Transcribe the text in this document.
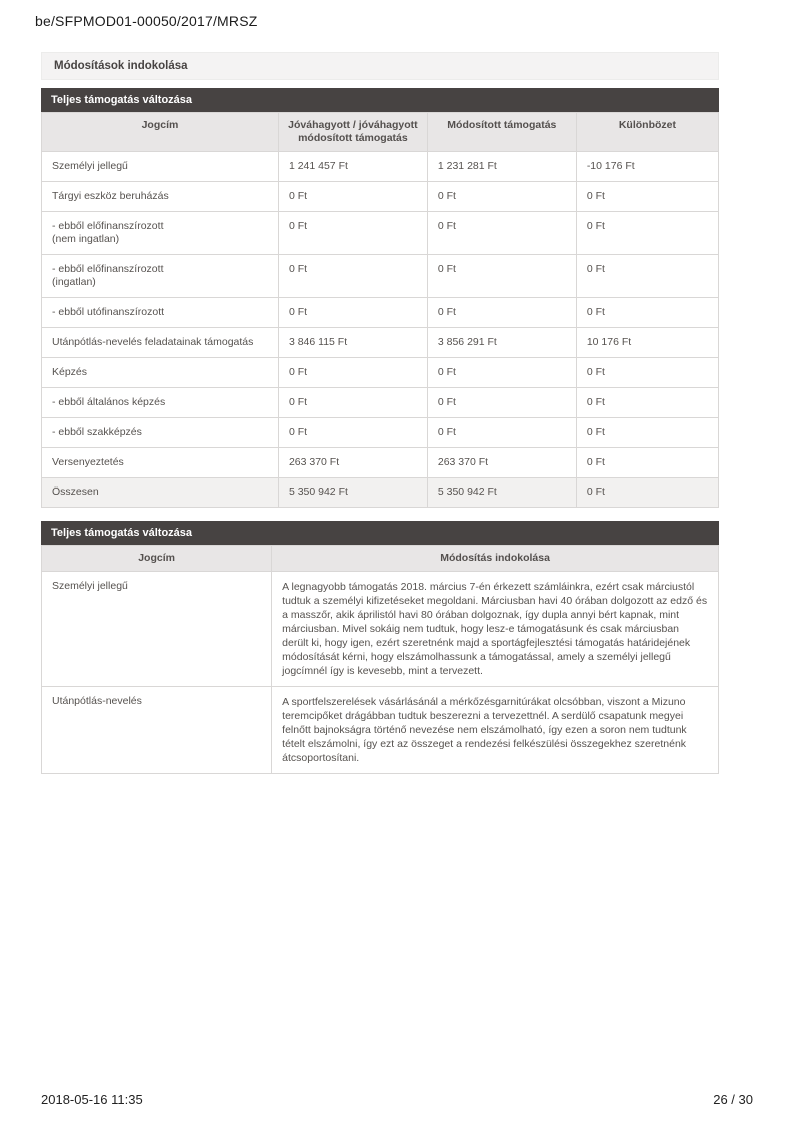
be/SFPMOD01-00050/2017/MRSZ
Módosítások indokolása
Teljes támogatás változása
Jogcím	Jóváhagyott / jóváhagyott módosított támogatás	Módosított támogatás	Különbözet

Személyi jellegű	1 241 457 Ft	1 231 281 Ft	-10 176 Ft

Tárgyi eszköz beruházás	0 Ft	0 Ft	0 Ft

- ebből előfinanszírozott
(nem ingatlan)	0 Ft	0 Ft	0 Ft

- ebből előfinanszírozott
(ingatlan)	0 Ft	0 Ft	0 Ft

- ebből utófinanszírozott	0 Ft	0 Ft	0 Ft

Utánpótlás-nevelés feladatainak támogatás	3 846 115 Ft	3 856 291 Ft	10 176 Ft

Képzés	0 Ft	0 Ft	0 Ft

- ebből általános képzés	0 Ft	0 Ft	0 Ft

- ebből szakképzés	0 Ft	0 Ft	0 Ft

Versenyeztetés	263 370 Ft	263 370 Ft	0 Ft

Összesen	5 350 942 Ft	5 350 942 Ft	0 Ft
Teljes támogatás változása
Jogcím	Módosítás indokolása
Személyi jellegű	A legnagyobb támogatás 2018. március 7-én érkezett számláinkra, ezért csak márciustól tudtuk a személyi kifizetéseket megoldani. Márciusban havi 40 órában dolgozott az edző és a masszőr, akik áprilistól havi 80 órában dolgoznak, így dupla annyi bért kapnak, mint márciusban. Mivel sokáig nem tudtuk, hogy lesz-e támogatásunk és csak márciusban derült ki, hogy igen, ezért szeretnénk majd a sportágfejlesztési támogatás határidejének módosítását kérni, hogy elszámolhassunk a támogatással, amely a személyi jellegű jogcímnél így is kevesebb, mint a tervezett.
Utánpótlás-nevelés	A sportfelszerelések vásárlásánál a mérkőzésgarnitúrákat olcsóbban, viszont a Mizuno teremcipőket drágábban tudtuk beszerezni a tervezettnél. A serdülő csapatunk megyei felnőtt bajnokságra történő nevezése nem elszámolható, így ezen a soron nem tudtunk tételt elszámolni, így ezt az összeget a rendezési felkészülési összegekhez szeretnénk átcsoportosítani.
2018-05-16 11:35	26 / 30
